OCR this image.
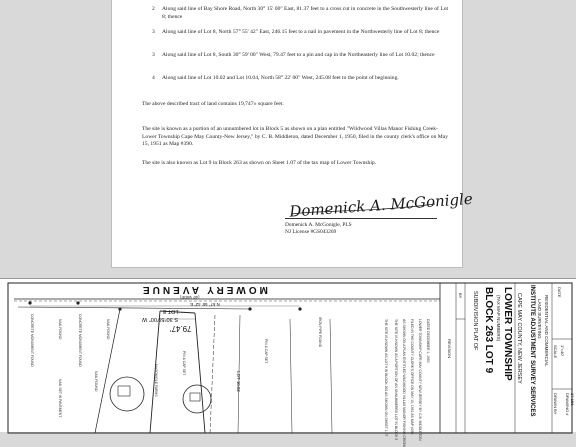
2 Along said line of Bay Shore Road, North 30° 15' 00" East, 81.37 feet to a cross cut in concrete in the Southwesterly line of Lot 8; thence
3 Along said line of Lot 8, North 57° 55' 42" East, 246.15 feet to a nail in pavement in the Northwesterly line of Lot 8; thence
3 Along said line of Lot 8, South 30° 59' 00" West, 79.47 feet to a pin and cap in the Northeasterly line of Lot 10.02; thence
4 Along said line of Lot 10.02 and Lot 10.04, North 58° 22' 00" West, 245.08 feet to the point of beginning.
The above described tract of land contains 19,747± square feet.
The site is known as a portion of an unnumbered lot in Block 5 as shown on a plan entitled "Wildwood Villas Manor Fishing Creek-Lower Township Cape May County-New Jersey," by C. B. Middleton, dated December 1, 1950, filed in the county clerk's office on May 15, 1951 as Map #390.
The site is also known as Lot 9 in Block 263 as shown on Sheet 1.07 of the tax map of Lower Township.
Domenick A. McGonigle
Domenick A. McGonigle, PLS
NJ License #GS043269
MOWERY AVENUE
(40' WIDE)
N 57° 55' 42" E
LOT 8
S 30°59'00" W
79.47'
LOT 10.02
CONCRETE MONUMENT FOUND	CONCRETE MONUMENT FOUND	NAIL FOUND
NAIL FOUND
IRON PIPE FOUND
PIN & CAP SET	PIN & CAP SET
NAIL SET IN PAVEMENT	McGONIGLE FARMS
NAIL FOUND	THE SITE IS KNOWN AS LOT 9 IN BLOCK 263 AS SHOWN ON SHEET 1.07 THE SITE IS KNOWN AS A PORTION OF AN UNNUMBERED LOT IN BLOCK 5 AS SHOWN ON A PLAN ENTITLED WILDWOOD VILLAS MANOR FISHING CREEK FILED IN THE COUNTY CLERK'S OFFICE ON MAY 15, 1951 AS MAP #390 LOWER TOWNSHIP CAPE MAY COUNTY NEW JERSEY BY C.B. MIDDLETON DATED DECEMBER 1, 1950	REVISION
BY SUBDIVISION PLAT OF BLOCK 263 LOT 9 (TAX MAP NUMBERS) LOWER TOWNSHIP CAPE MAY COUNTY, NEW JERSEY INSTITUTE ADJUSTMENT SURVEY SERVICES LAND SURVEYING RESIDENTIAL AND COMMERCIAL
DATE
SCALE 1"=40'
DRAWN BY DRAWING # 17-156
